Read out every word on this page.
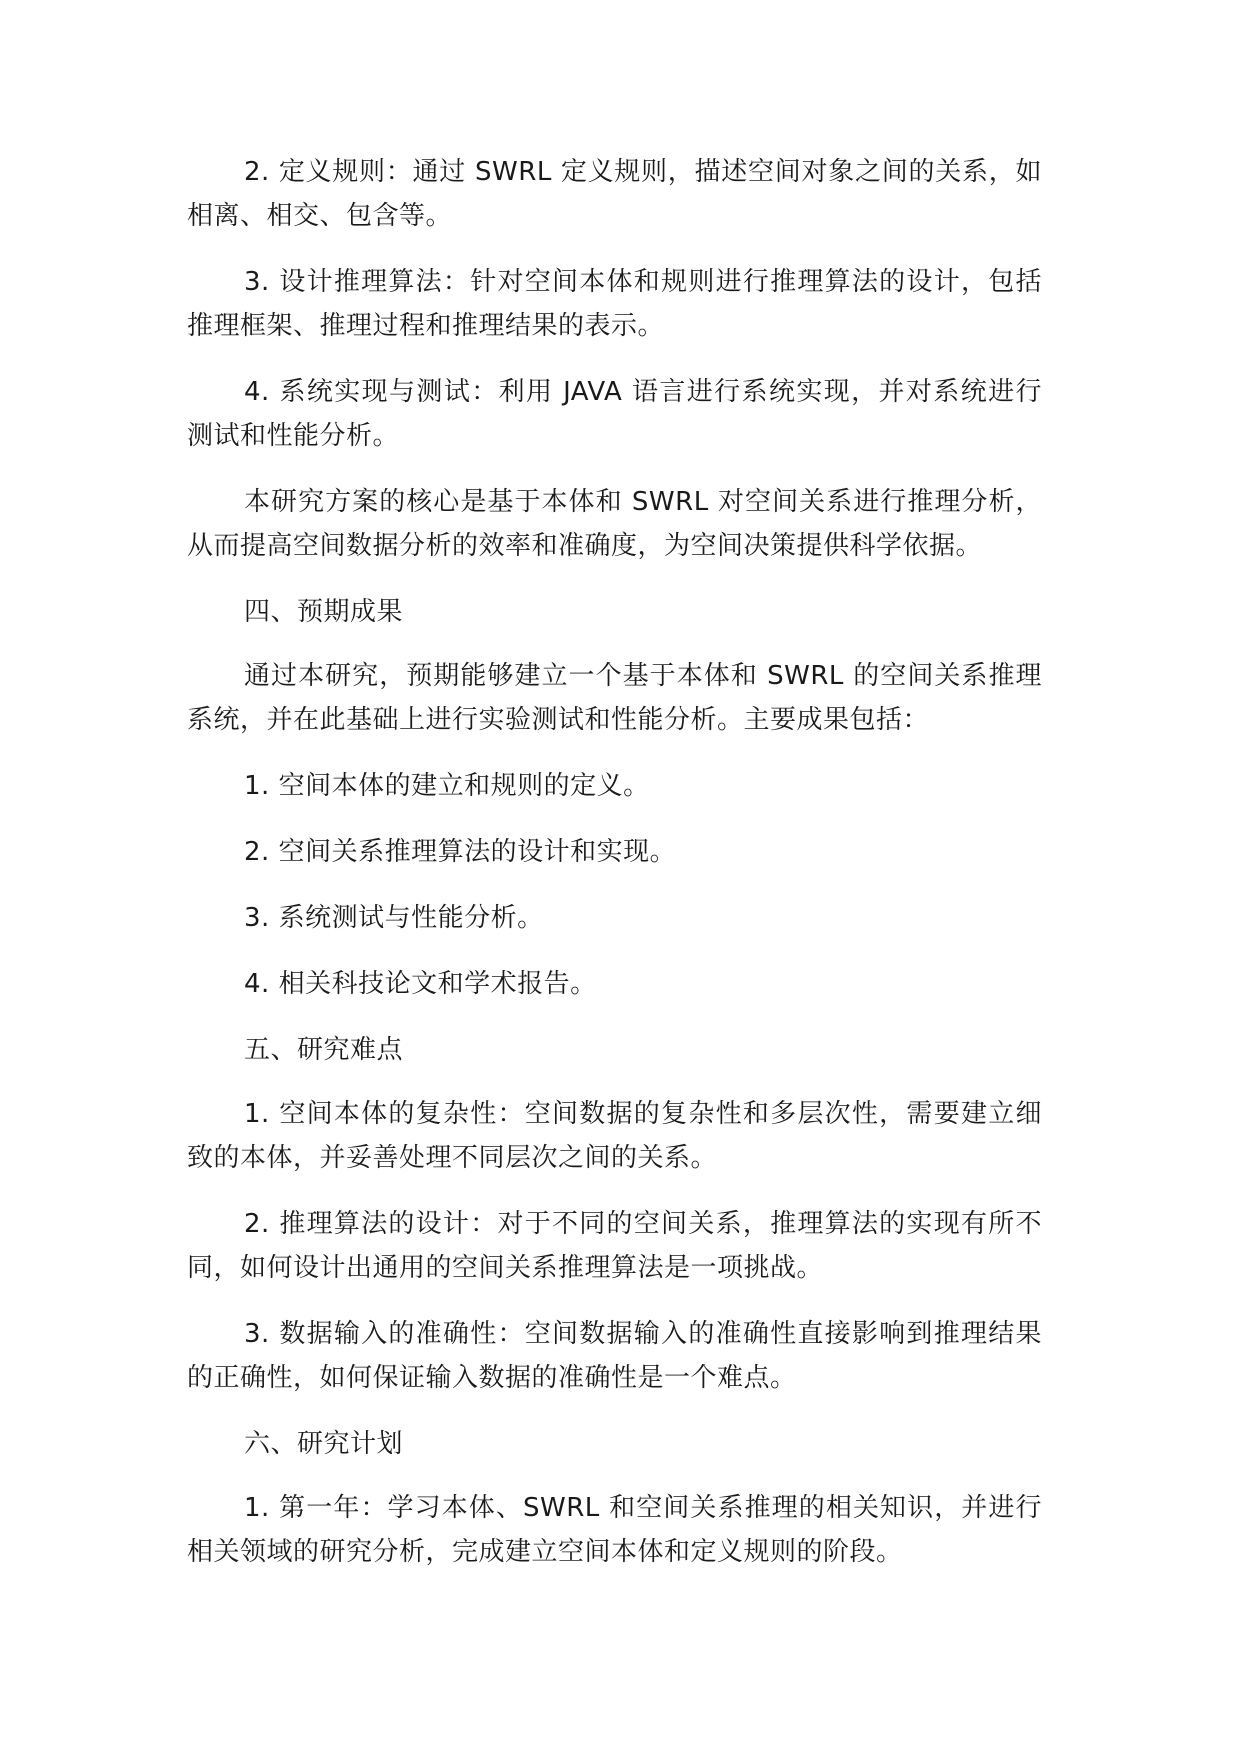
2. 定义规则：通过 SWRL 定义规则，描述空间对象之间的关系，如相离、相交、包含等。

3. 设计推理算法：针对空间本体和规则进行推理算法的设计，包括推理框架、推理过程和推理结果的表示。

4. 系统实现与测试：利用 JAVA 语言进行系统实现，并对系统进行测试和性能分析。

本研究方案的核心是基于本体和 SWRL 对空间关系进行推理分析，从而提高空间数据分析的效率和准确度，为空间决策提供科学依据。

四、预期成果

通过本研究，预期能够建立一个基于本体和 SWRL 的空间关系推理系统，并在此基础上进行实验测试和性能分析。主要成果包括：

1. 空间本体的建立和规则的定义。

2. 空间关系推理算法的设计和实现。

3. 系统测试与性能分析。

4. 相关科技论文和学术报告。

五、研究难点

1. 空间本体的复杂性：空间数据的复杂性和多层次性，需要建立细致的本体，并妥善处理不同层次之间的关系。

2. 推理算法的设计：对于不同的空间关系，推理算法的实现有所不同，如何设计出通用的空间关系推理算法是一项挑战。

3. 数据输入的准确性：空间数据输入的准确性直接影响到推理结果的正确性，如何保证输入数据的准确性是一个难点。

六、研究计划

1. 第一年：学习本体、SWRL 和空间关系推理的相关知识，并进行相关领域的研究分析，完成建立空间本体和定义规则的阶段。
